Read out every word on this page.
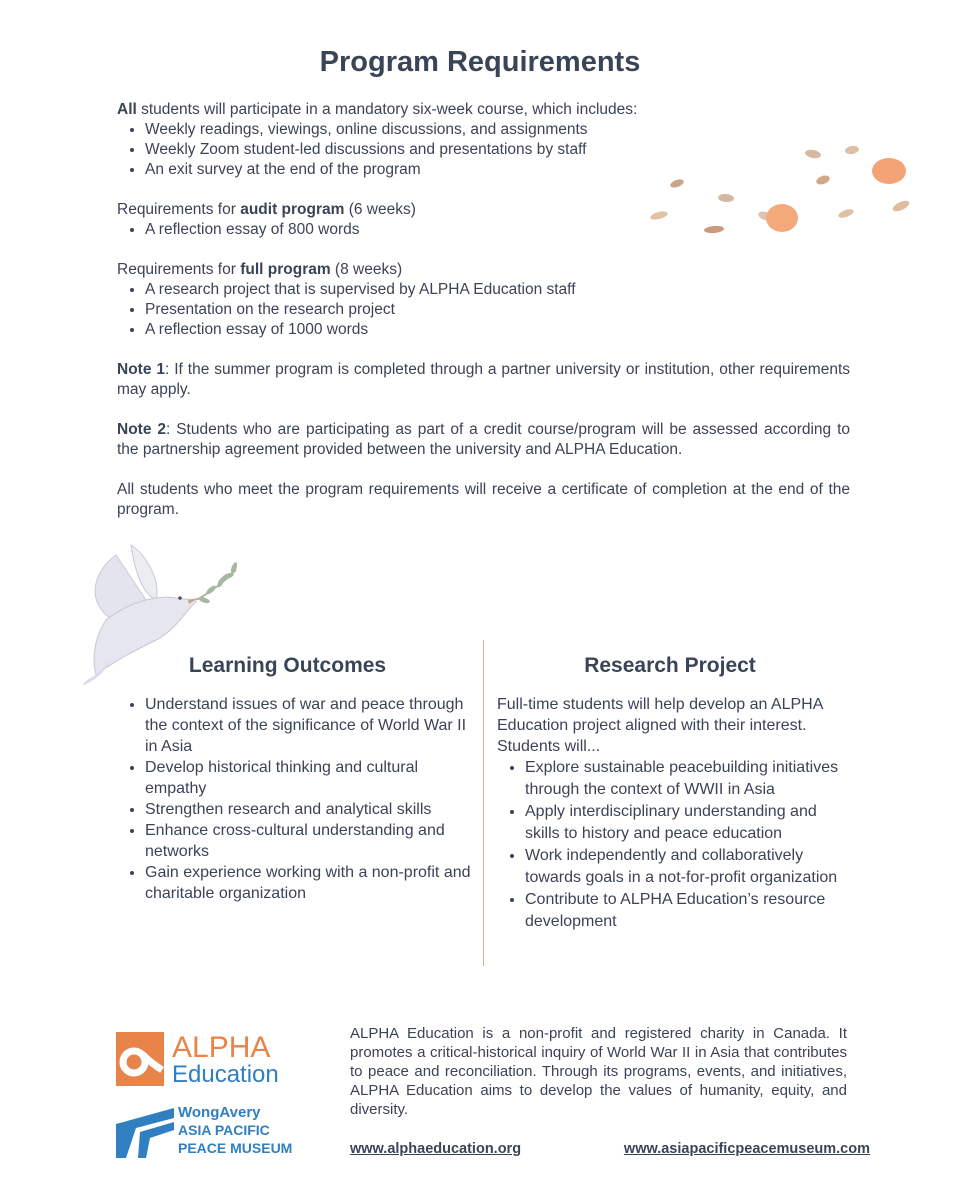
Program Requirements
All students will participate in a mandatory six-week course, which includes:
• Weekly readings, viewings, online discussions, and assignments
• Weekly Zoom student-led discussions and presentations by staff
• An exit survey at the end of the program
Requirements for audit program (6 weeks)
• A reflection essay of 800 words
Requirements for full program (8 weeks)
• A research project that is supervised by ALPHA Education staff
• Presentation on the research project
• A reflection essay of 1000 words
Note 1: If the summer program is completed through a partner university or institution, other requirements may apply.
Note 2: Students who are participating as part of a credit course/program will be assessed according to the partnership agreement provided between the university and ALPHA Education.
All students who meet the program requirements will receive a certificate of completion at the end of the program.
Learning Outcomes
• Understand issues of war and peace through the context of the significance of World War II in Asia
• Develop historical thinking and cultural empathy
• Strengthen research and analytical skills
• Enhance cross-cultural understanding and networks
• Gain experience working with a non-profit and charitable organization
Research Project
Full-time students will help develop an ALPHA Education project aligned with their interest. Students will...
• Explore sustainable peacebuilding initiatives through the context of WWII in Asia
• Apply interdisciplinary understanding and skills to history and peace education
• Work independently and collaboratively towards goals in a not-for-profit organization
• Contribute to ALPHA Education’s resource development
ALPHA
Education
WongAvery
ASIA PACIFIC
PEACE MUSEUM
ALPHA Education is a non-profit and registered charity in Canada. It promotes a critical-historical inquiry of World War II in Asia that contributes to peace and reconciliation. Through its programs, events, and initiatives, ALPHA Education aims to develop the values of humanity, equity, and diversity.
www.alphaeducation.org	www.asiapacificpeacemuseum.com
